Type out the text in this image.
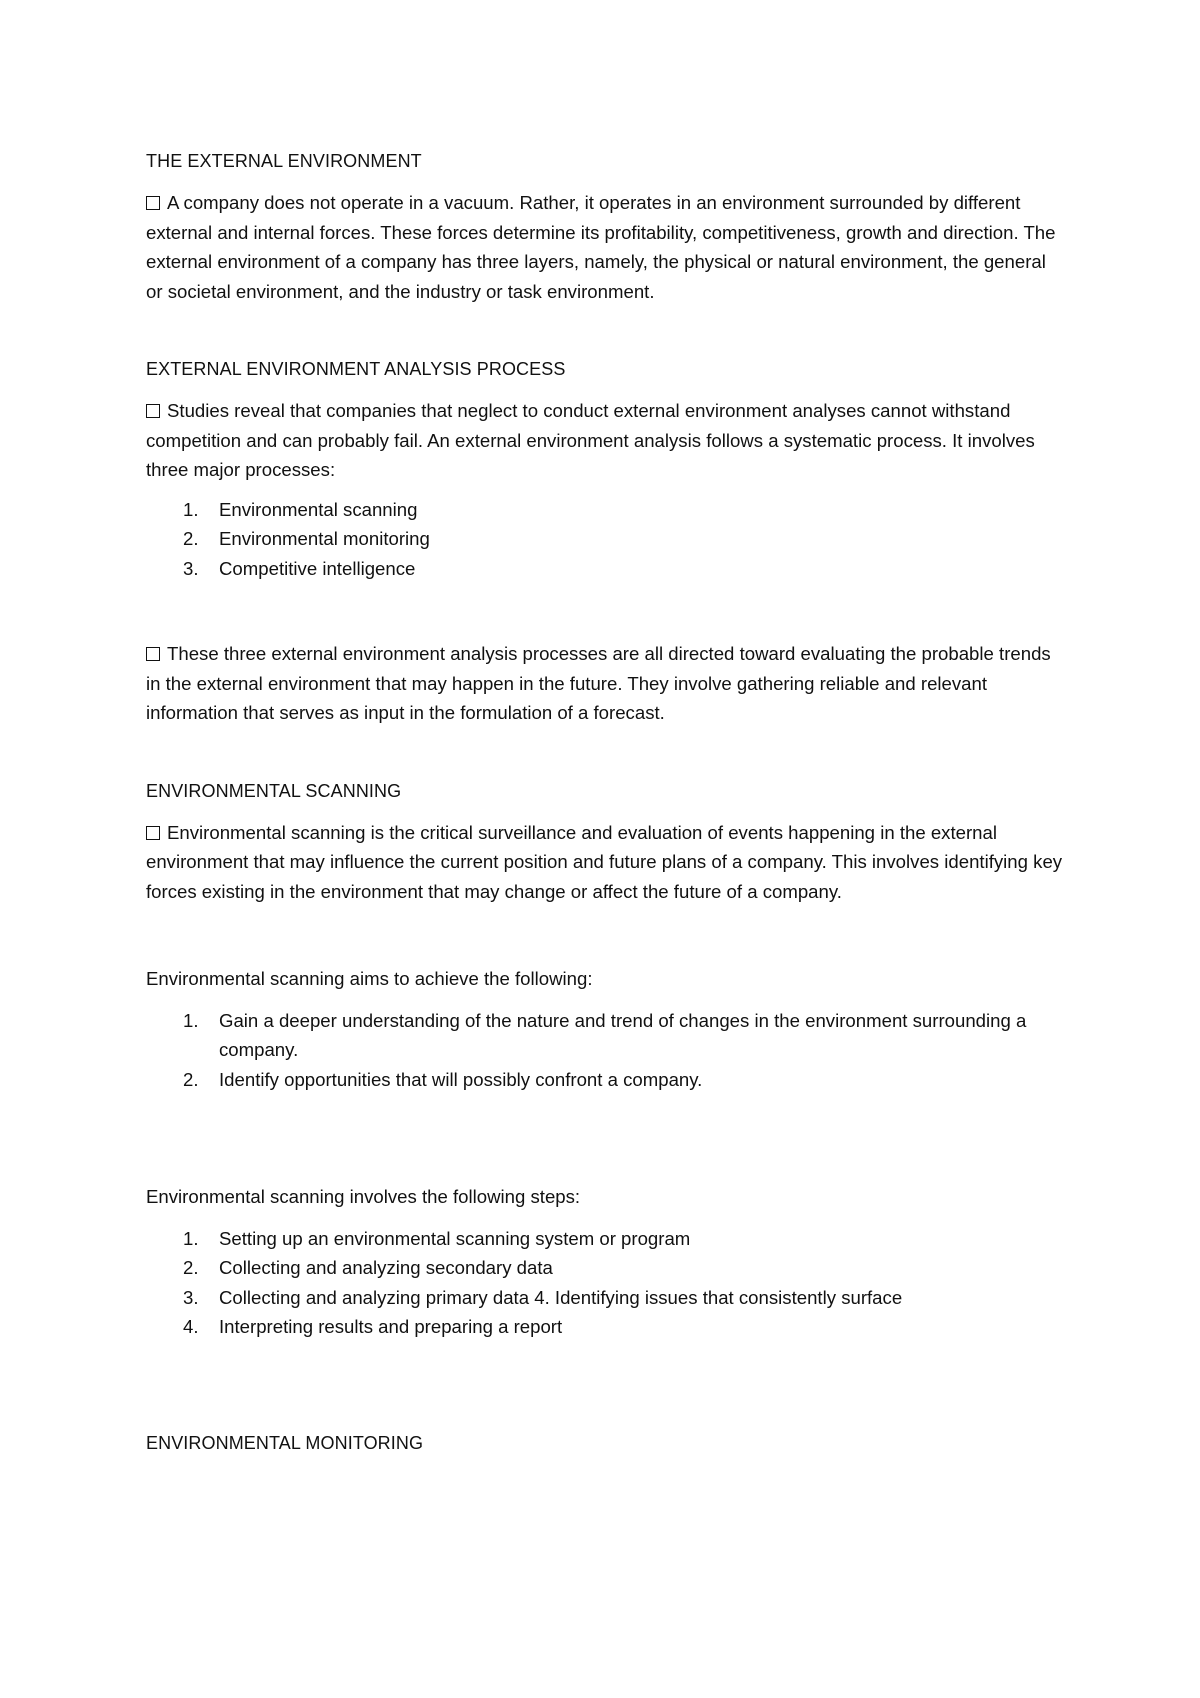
THE EXTERNAL ENVIRONMENT

A company does not operate in a vacuum. Rather, it operates in an environment surrounded by different external and internal forces. These forces determine its profitability, competitiveness, growth and direction. The external environment of a company has three layers, namely, the physical or natural environment, the general or societal environment, and the industry or task environment.

EXTERNAL ENVIRONMENT ANALYSIS PROCESS

Studies reveal that companies that neglect to conduct external environment analyses cannot withstand competition and can probably fail. An external environment analysis follows a systematic process. It involves three major processes:

1. Environmental scanning
2. Environmental monitoring
3. Competitive intelligence

These three external environment analysis processes are all directed toward evaluating the probable trends in the external environment that may happen in the future. They involve gathering reliable and relevant information that serves as input in the formulation of a forecast.

ENVIRONMENTAL SCANNING

Environmental scanning is the critical surveillance and evaluation of events happening in the external environment that may influence the current position and future plans of a company. This involves identifying key forces existing in the environment that may change or affect the future of a company.

Environmental scanning aims to achieve the following:

1. Gain a deeper understanding of the nature and trend of changes in the environment surrounding a company.
2. Identify opportunities that will possibly confront a company.

Environmental scanning involves the following steps:

1. Setting up an environmental scanning system or program
2. Collecting and analyzing secondary data
3. Collecting and analyzing primary data 4. Identifying issues that consistently surface
4. Interpreting results and preparing a report

ENVIRONMENTAL MONITORING
